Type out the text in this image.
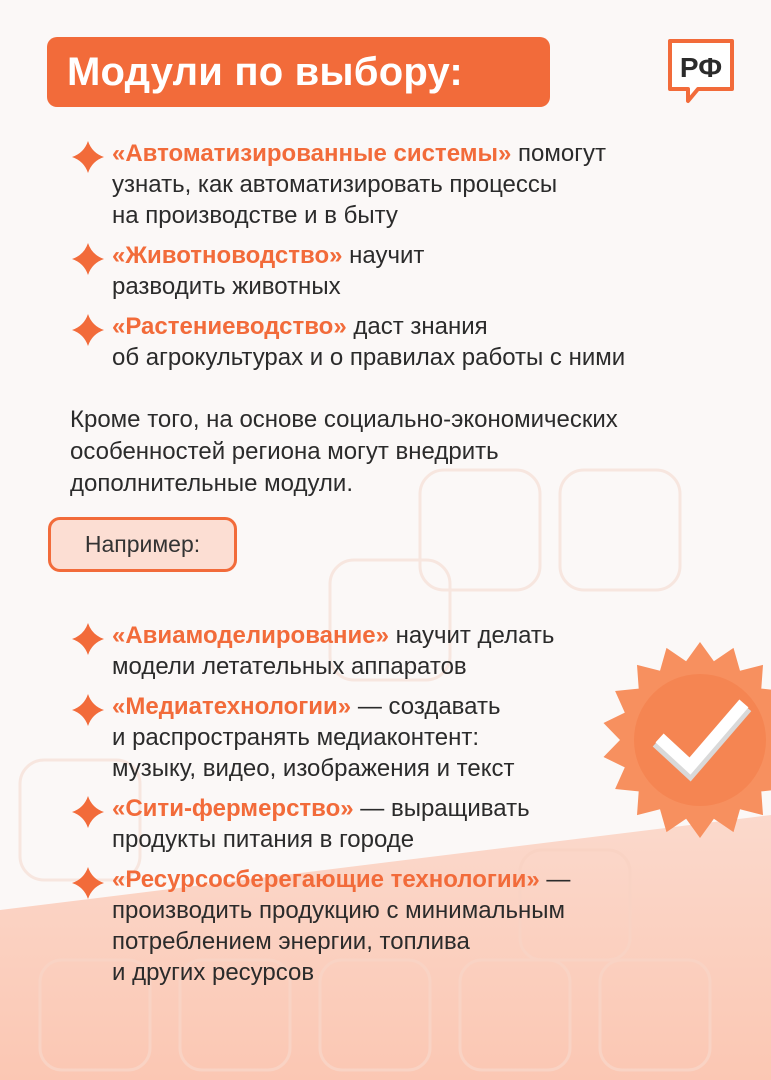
Модули по выбору:	РФ
«Автоматизированные системы» помогут
узнать, как автоматизировать процессы
на производстве и в быту
«Животноводство» научит
разводить животных
«Растениеводство» даст знания
об агрокультурах и о правилах работы с ними
Кроме того, на основе социально-экономических
особенностей региона могут внедрить
дополнительные модули.
Например:
«Авиамоделирование» научит делать
модели летательных аппаратов
«Медиатехнологии» — создавать
и распространять медиаконтент:
музыку, видео, изображения и текст
«Сити-фермерство» — выращивать
продукты питания в городе
«Ресурсосберегающие технологии» —
производить продукцию с минимальным
потреблением энергии, топлива
и других ресурсов
